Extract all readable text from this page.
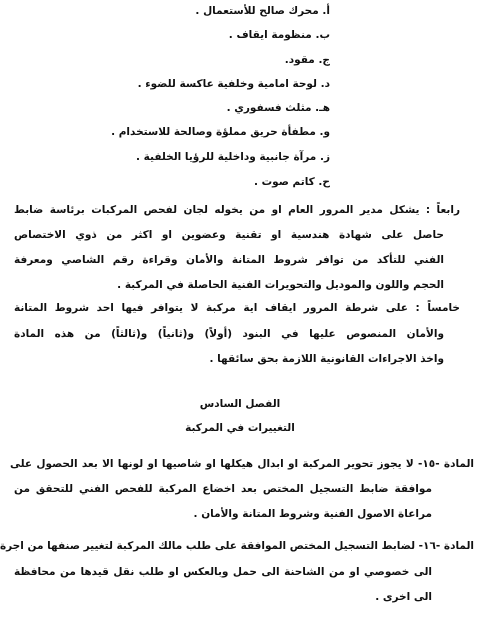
أ. محرك صالح للأستعمال .
ب. منظومة ايقاف .
ج. مقود.
د. لوحة امامية وخلفية عاكسة للضوء .
هـ. مثلث فسفوري .
و. مطفأة حريق مملؤة وصالحة للاستخدام .
ز. مرآة جانبية وداخلية للرؤيا الخلفية .
ح. كاتم صوت .
رابعاً : يشكل مدير المرور العام او من يخوله لجان لفحص المركبات برئاسة ضابط
حاصل على شهادة هندسية او تقنية وعضوين او اكثر من ذوي الاختصاص
الفني للتأكد من توافر شروط المتانة والأمان وقراءة رقم الشاصي ومعرفة
الحجم واللون والموديل والتحويرات الفنية الحاصلة في المركبة .
خامساً : على شرطة المرور ايقاف اية مركبة لا يتوافر فيها احد شروط المتانة
والأمان المنصوص عليها في البنود (أولاً) و(ثانياً) و(ثالثاً) من هذه المادة
واخذ الاجراءات القانونية اللازمة بحق سائقها .
الفصل السادس
التغييرات في المركبة
المادة -١٥- لا يجوز تحوير المركبة او ابدال هيكلها او شاصيها او لونها الا بعد الحصول على
موافقة ضابط التسجيل المختص بعد اخضاع المركبة للفحص الفني للتحقق من
مراعاة الاصول الفنية وشروط المتانة والأمان .
المادة -١٦- لضابط التسجيل المختص الموافقة على طلب مالك المركبة لتغيير صنفها من اجرة
الى خصوصي او من الشاحنة الى حمل وبالعكس او طلب نقل قيدها من محافظة
الى اخرى .
